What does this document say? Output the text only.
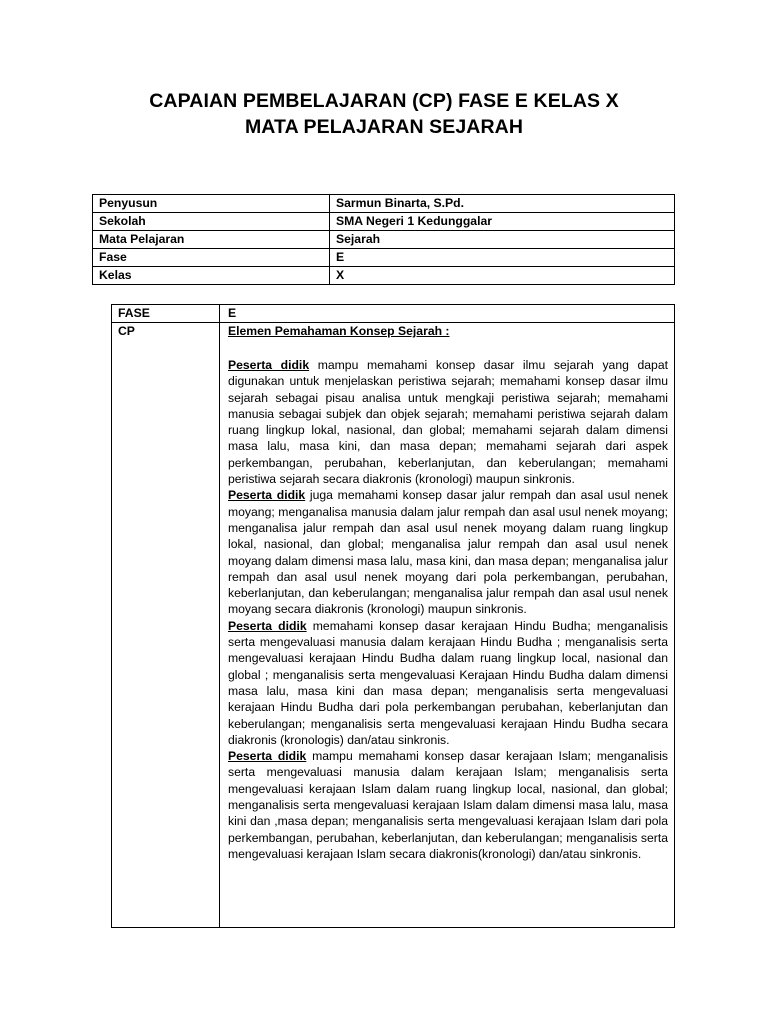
CAPAIAN PEMBELAJARAN (CP) FASE E KELAS X
MATA PELAJARAN SEJARAH
Penyusun	Sarmun Binarta, S.Pd.
Sekolah	SMA Negeri 1 Kedunggalar
Mata Pelajaran	Sejarah
Fase	E
Kelas	X
FASE	E
CP	Elemen Pemahaman Konsep Sejarah :
Peserta didik mampu memahami konsep dasar ilmu sejarah yang dapat digunakan untuk menjelaskan peristiwa sejarah; memahami konsep dasar ilmu sejarah sebagai pisau analisa untuk mengkaji peristiwa sejarah; memahami manusia sebagai subjek dan objek sejarah; memahami peristiwa sejarah dalam ruang lingkup lokal, nasional, dan global; memahami sejarah dalam dimensi masa lalu, masa kini, dan masa depan; memahami sejarah dari aspek perkembangan, perubahan, keberlanjutan, dan keberulangan; memahami peristiwa sejarah secara diakronis (kronologi) maupun sinkronis.
Peserta didik juga memahami konsep dasar jalur rempah dan asal usul nenek moyang; menganalisa manusia dalam jalur rempah dan asal usul nenek moyang; menganalisa jalur rempah dan asal usul nenek moyang dalam ruang lingkup lokal, nasional, dan global; menganalisa jalur rempah dan asal usul nenek moyang dalam dimensi masa lalu, masa kini, dan masa depan; menganalisa jalur rempah dan asal usul nenek moyang dari pola perkembangan, perubahan, keberlanjutan, dan keberulangan; menganalisa jalur rempah dan asal usul nenek moyang secara diakronis (kronologi) maupun sinkronis.
Peserta didik memahami konsep dasar kerajaan Hindu Budha; menganalisis serta mengevaluasi manusia dalam kerajaan Hindu Budha ; menganalisis serta mengevaluasi kerajaan Hindu Budha dalam ruang lingkup local, nasional dan global ; menganalisis serta mengevaluasi Kerajaan Hindu Budha dalam dimensi masa lalu, masa kini dan masa depan; menganalisis serta mengevaluasi kerajaan Hindu Budha dari pola perkembangan perubahan, keberlanjutan dan keberulangan; menganalisis serta mengevaluasi kerajaan Hindu Budha secara diakronis (kronologis) dan/atau sinkronis.
Peserta didik mampu memahami konsep dasar kerajaan Islam; menganalisis serta mengevaluasi manusia dalam kerajaan Islam; menganalisis serta mengevaluasi kerajaan Islam dalam ruang lingkup local, nasional, dan global; menganalisis serta mengevaluasi kerajaan Islam dalam dimensi masa lalu, masa kini dan ,masa depan; menganalisis serta mengevaluasi kerajaan Islam dari pola perkembangan, perubahan, keberlanjutan, dan keberulangan; menganalisis serta mengevaluasi kerajaan Islam secara diakronis(kronologi) dan/atau sinkronis.
